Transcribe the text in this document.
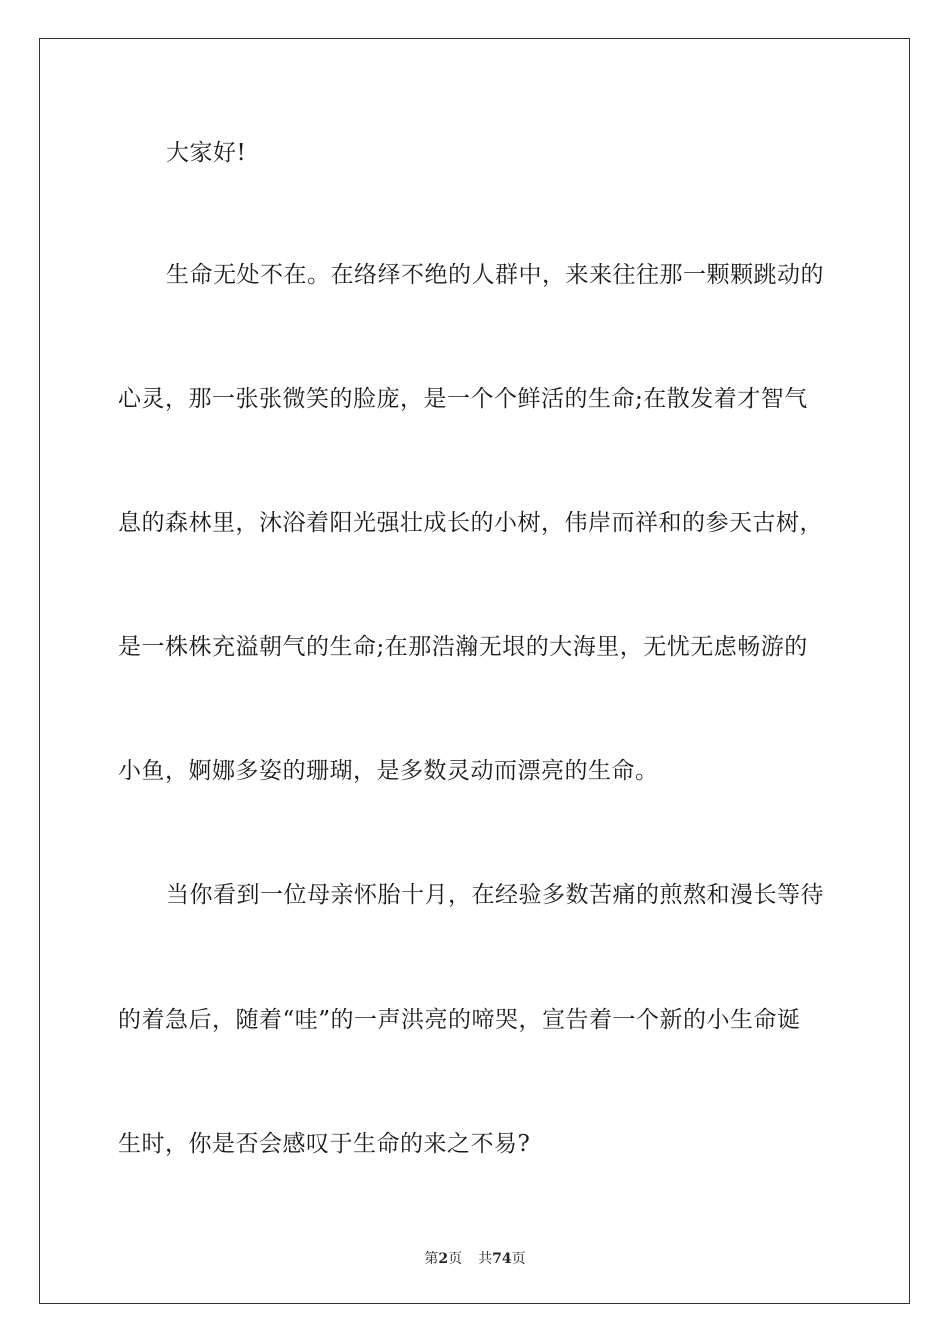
大家好!
生命无处不在。在络绎不绝的人群中，来来往往那一颗颗跳动的
心灵，那一张张微笑的脸庞，是一个个鲜活的生命;在散发着才智气
息的森林里，沐浴着阳光强壮成长的小树，伟岸而祥和的参天古树，
是一株株充溢朝气的生命;在那浩瀚无垠的大海里，无忧无虑畅游的
小鱼，婀娜多姿的珊瑚，是多数灵动而漂亮的生命。
当你看到一位母亲怀胎十月，在经验多数苦痛的煎熬和漫长等待
的着急后，随着“哇”的一声洪亮的啼哭，宣告着一个新的小生命诞
生时，你是否会感叹于生命的来之不易?
第2页 共74页
